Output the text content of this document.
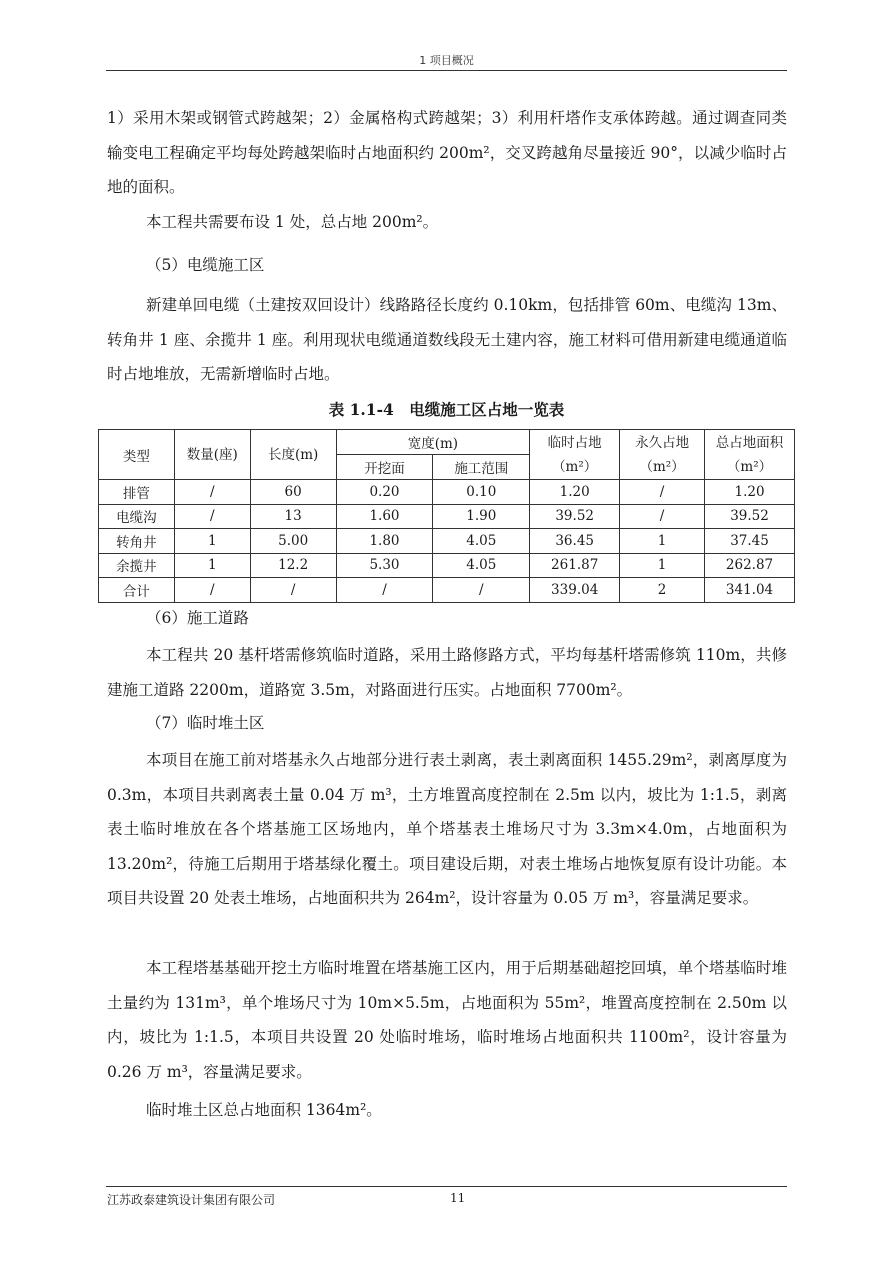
1 项目概况

1）采用木架或钢管式跨越架；2）金属格构式跨越架；3）利用杆塔作支承体跨越。通过调查同类输变电工程确定平均每处跨越架临时占地面积约 200m²，交叉跨越角尽量接近 90°，以减少临时占地的面积。

本工程共需要布设 1 处，总占地 200m²。

（5）电缆施工区

新建单回电缆（土建按双回设计）线路路径长度约 0.10km，包括排管 60m、电缆沟 13m、转角井 1 座、余揽井 1 座。利用现状电缆通道数线段无土建内容，施工材料可借用新建电缆通道临时占地堆放，无需新增临时占地。

表 1.1-4　电缆施工区占地一览表
类型	数量(座)	长度(m)	宽度(m)		临时占地（m²）	永久占地（m²）	总占地面积（m²）
			开挖面	施工范围			
排管	/	60	0.20	0.10	1.20	/	1.20
电缆沟	/	13	1.60	1.90	39.52	/	39.52
转角井	1	5.00	1.80	4.05	36.45	1	37.45
余揽井	1	12.2	5.30	4.05	261.87	1	262.87
合计	/	/	/	/	339.04	2	341.04

（6）施工道路

本工程共 20 基杆塔需修筑临时道路，采用土路修路方式，平均每基杆塔需修筑 110m，共修建施工道路 2200m，道路宽 3.5m，对路面进行压实。占地面积 7700m²。

（7）临时堆土区

本项目在施工前对塔基永久占地部分进行表土剥离，表土剥离面积 1455.29m²，剥离厚度为 0.3m，本项目共剥离表土量 0.04 万 m³，土方堆置高度控制在 2.5m 以内，坡比为 1:1.5，剥离表土临时堆放在各个塔基施工区场地内，单个塔基表土堆场尺寸为 3.3m×4.0m，占地面积为 13.20m²，待施工后期用于塔基绿化覆土。项目建设后期，对表土堆场占地恢复原有设计功能。本项目共设置 20 处表土堆场，占地面积共为 264m²，设计容量为 0.05 万 m³，容量满足要求。

本工程塔基基础开挖土方临时堆置在塔基施工区内，用于后期基础超挖回填，单个塔基临时堆土量约为 131m³，单个堆场尺寸为 10m×5.5m，占地面积为 55m²，堆置高度控制在 2.50m 以内，坡比为 1:1.5，本项目共设置 20 处临时堆场，临时堆场占地面积共 1100m²，设计容量为 0.26 万 m³，容量满足要求。

临时堆土区总占地面积 1364m²。

江苏政泰建筑设计集团有限公司	11
